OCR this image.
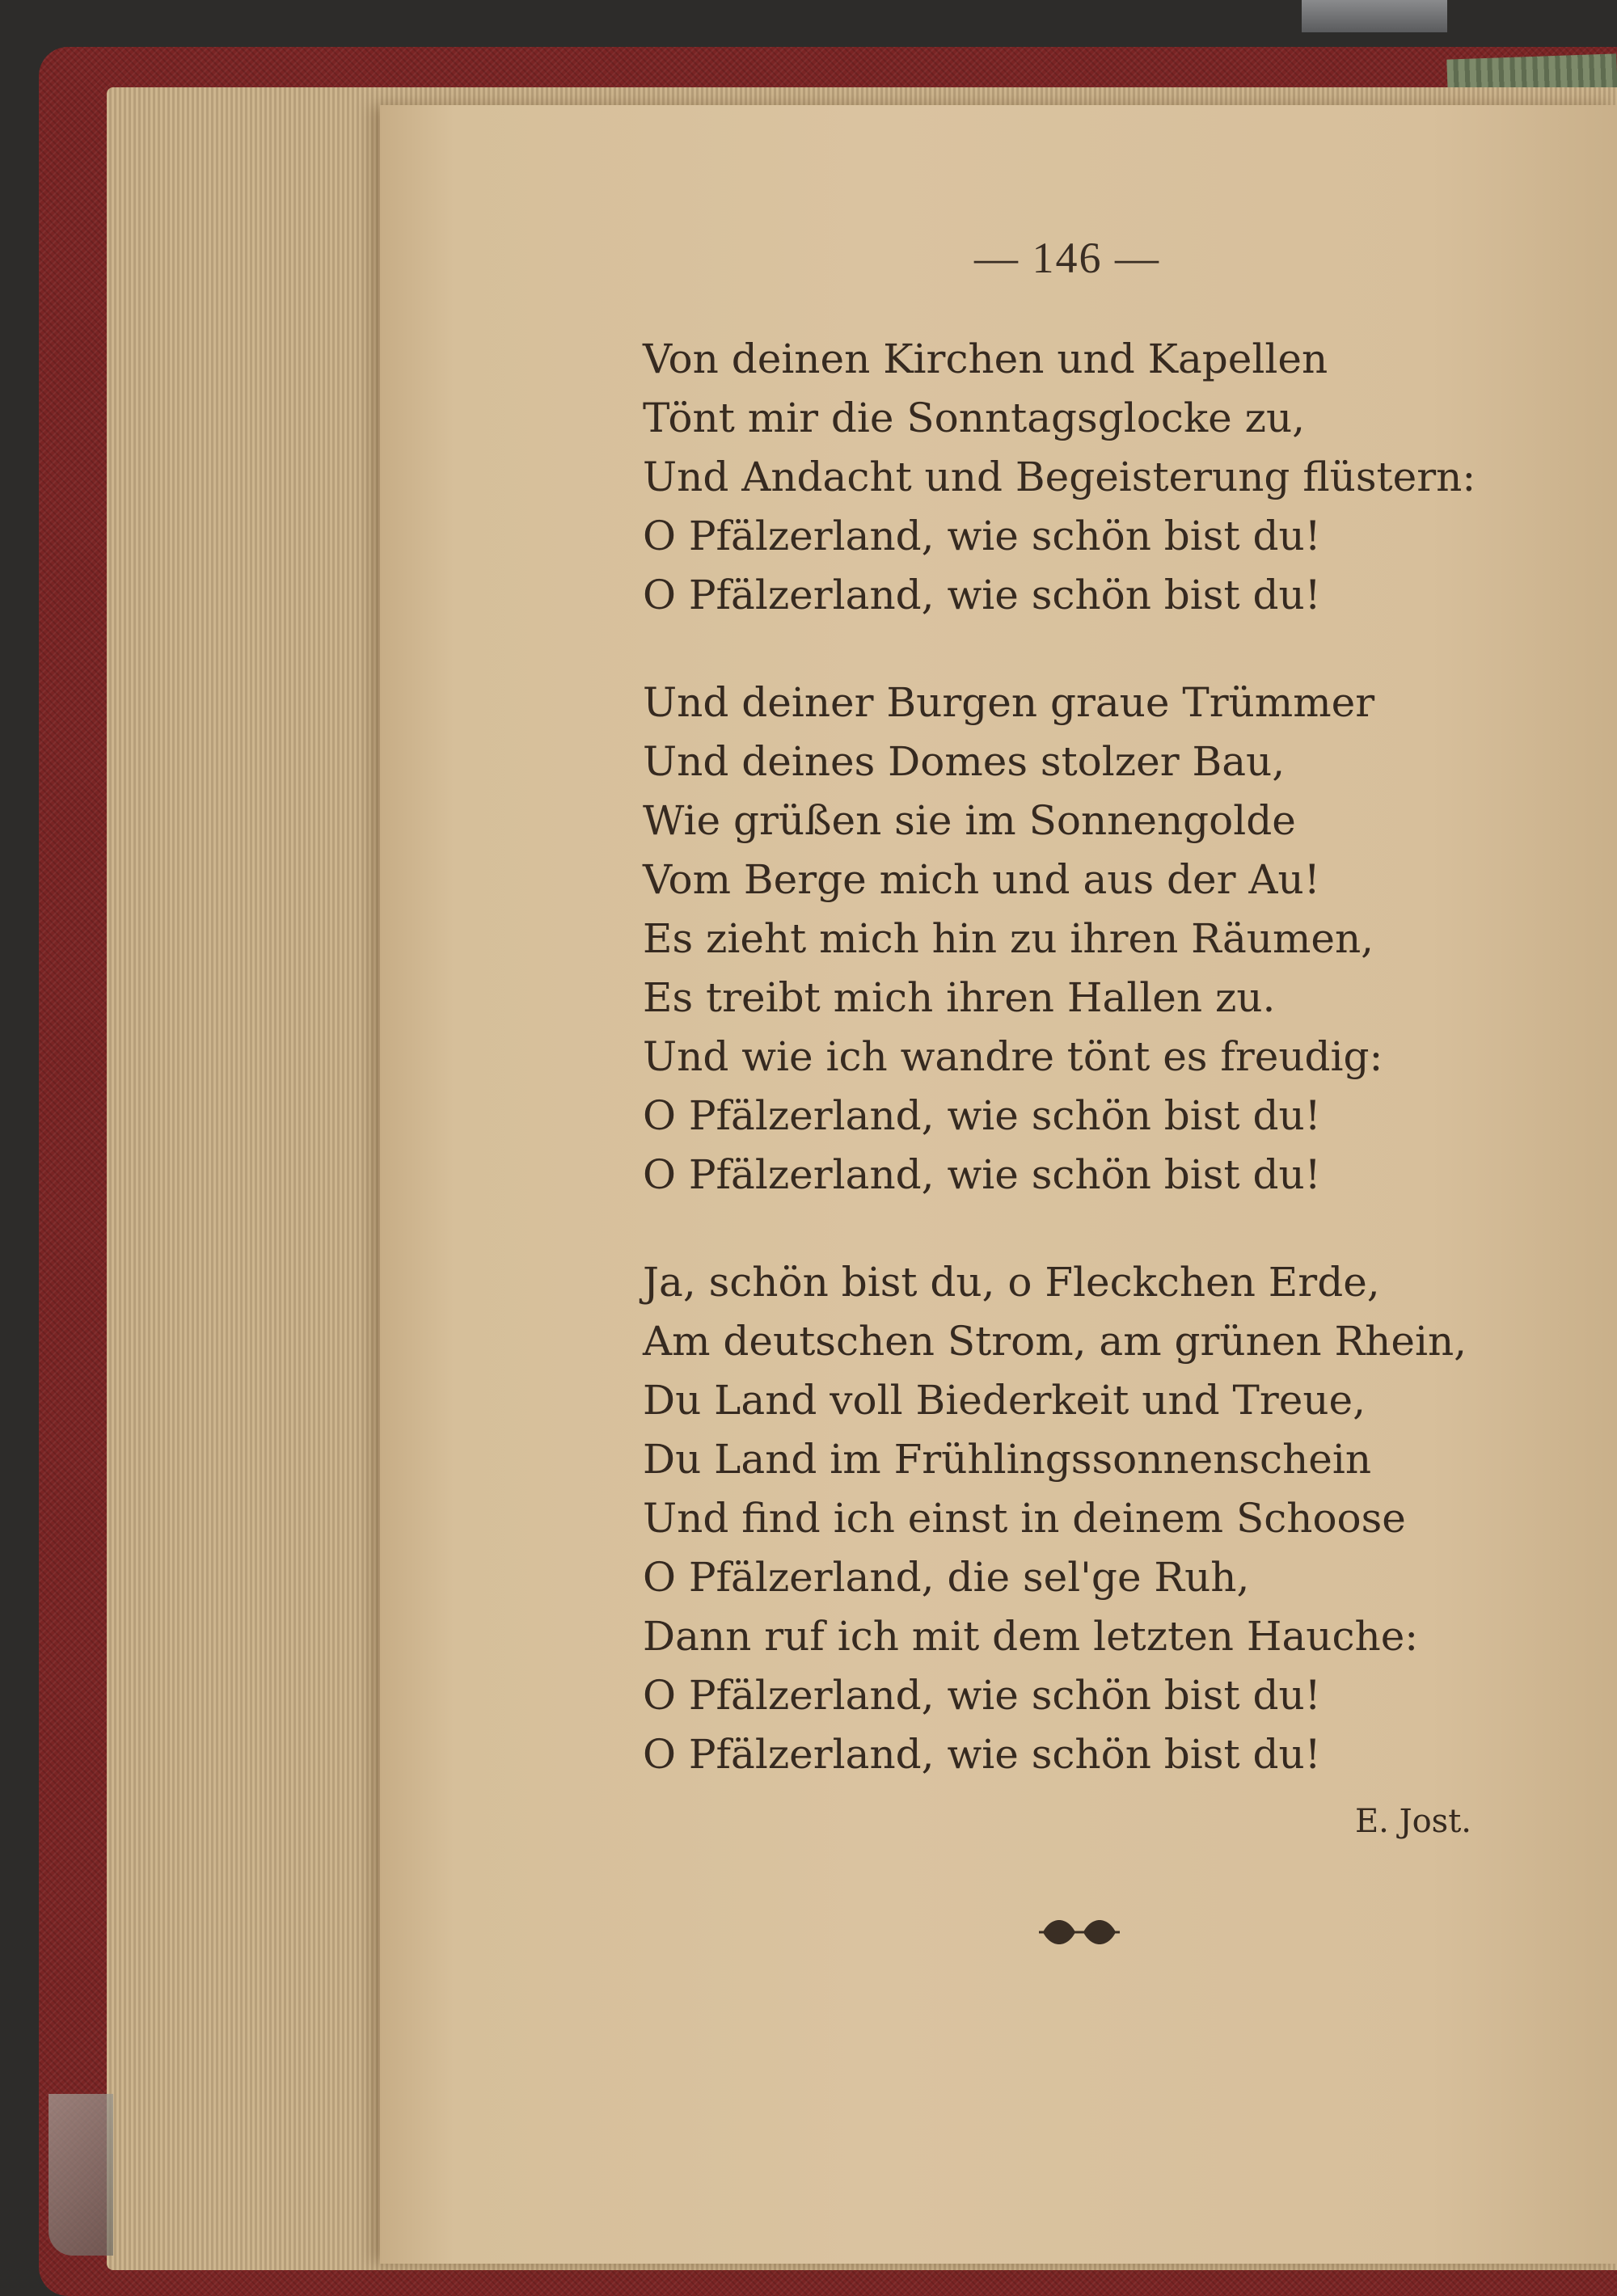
— 146 —
Von deinen Kirchen und Kapellen
Tönt mir die Sonntagsglocke zu,
Und Andacht und Begeisterung flüstern:
O Pfälzerland, wie schön bist du!
O Pfälzerland, wie schön bist du!
Und deiner Burgen graue Trümmer
Und deines Domes stolzer Bau,
Wie grüßen sie im Sonnengolde
Vom Berge mich und aus der Au!
Es zieht mich hin zu ihren Räumen,
Es treibt mich ihren Hallen zu.
Und wie ich wandre tönt es freudig:
O Pfälzerland, wie schön bist du!
O Pfälzerland, wie schön bist du!
Ja, schön bist du, o Fleckchen Erde,
Am deutschen Strom, am grünen Rhein,
Du Land voll Biederkeit und Treue,
Du Land im Frühlingssonnenschein
Und find ich einst in deinem Schoose
O Pfälzerland, die sel'ge Ruh,
Dann ruf ich mit dem letzten Hauche:
O Pfälzerland, wie schön bist du!
O Pfälzerland, wie schön bist du!
E. Jost.
